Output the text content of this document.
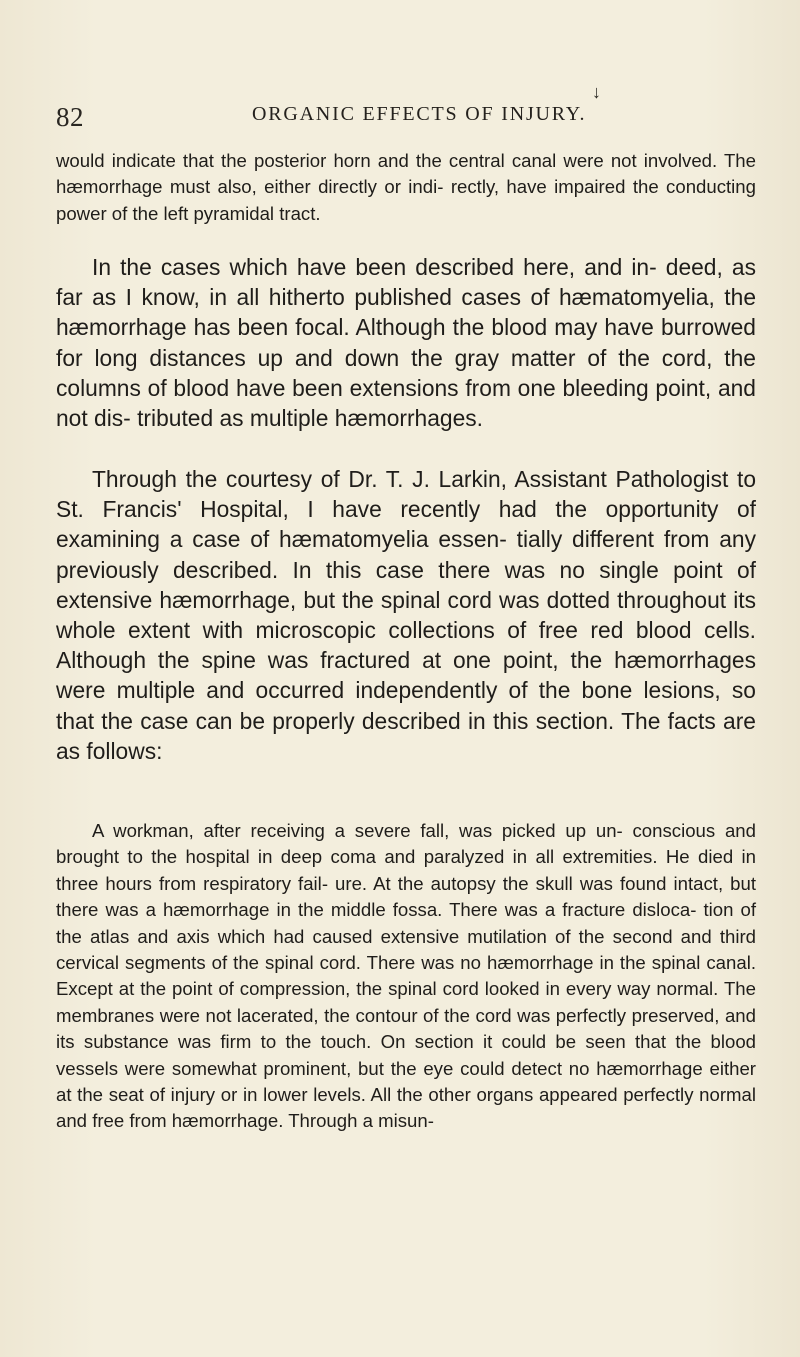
82	ORGANIC EFFECTS OF INJURY.
↓

would indicate that the posterior horn and the central canal were not involved. The hæmorrhage must also, either directly or indi- rectly, have impaired the conducting power of the left pyramidal tract.

In the cases which have been described here, and in- deed, as far as I know, in all hitherto published cases of hæmatomyelia, the hæmorrhage has been focal. Although the blood may have burrowed for long distances up and down the gray matter of the cord, the columns of blood have been extensions from one bleeding point, and not dis- tributed as multiple hæmorrhages.

Through the courtesy of Dr. T. J. Larkin, Assistant Pathologist to St. Francis' Hospital, I have recently had the opportunity of examining a case of hæmatomyelia essen- tially different from any previously described. In this case there was no single point of extensive hæmorrhage, but the spinal cord was dotted throughout its whole extent with microscopic collections of free red blood cells. Although the spine was fractured at one point, the hæmorrhages were multiple and occurred independently of the bone lesions, so that the case can be properly described in this section. The facts are as follows:

A workman, after receiving a severe fall, was picked up un- conscious and brought to the hospital in deep coma and paralyzed in all extremities. He died in three hours from respiratory fail- ure. At the autopsy the skull was found intact, but there was a hæmorrhage in the middle fossa. There was a fracture disloca- tion of the atlas and axis which had caused extensive mutilation of the second and third cervical segments of the spinal cord. There was no hæmorrhage in the spinal canal. Except at the point of compression, the spinal cord looked in every way normal. The membranes were not lacerated, the contour of the cord was perfectly preserved, and its substance was firm to the touch. On section it could be seen that the blood vessels were somewhat prominent, but the eye could detect no hæmorrhage either at the seat of injury or in lower levels. All the other organs appeared perfectly normal and free from hæmorrhage. Through a misun-
